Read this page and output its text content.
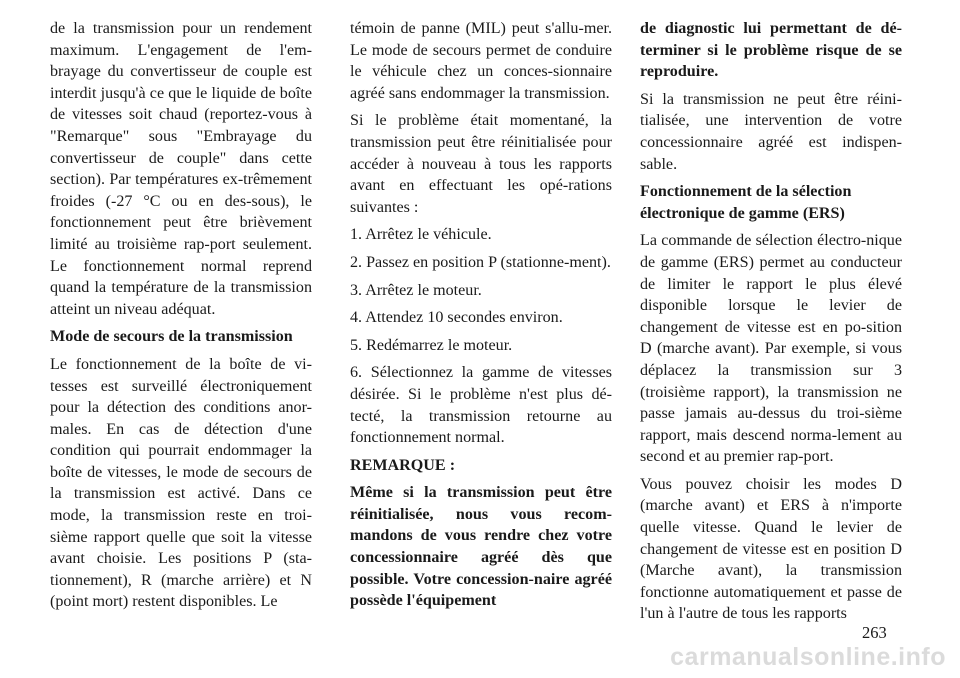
de la transmission pour un rendement maximum. L'engagement de l'em-brayage du convertisseur de couple est interdit jusqu'à ce que le liquide de boîte de vitesses soit chaud (reportez-vous à "Remarque" sous "Embrayage du convertisseur de couple" dans cette section). Par températures ex-trêmement froides (-27 °C ou en des-sous), le fonctionnement peut être brièvement limité au troisième rap-port seulement. Le fonctionnement normal reprend quand la température de la transmission atteint un niveau adéquat.

Mode de secours de la transmission

Le fonctionnement de la boîte de vi-tesses est surveillé électroniquement pour la détection des conditions anor-males. En cas de détection d'une condition qui pourrait endommager la boîte de vitesses, le mode de secours de la transmission est activé. Dans ce mode, la transmission reste en troi-sième rapport quelle que soit la vitesse avant choisie. Les positions P (sta-tionnement), R (marche arrière) et N (point mort) restent disponibles. Le

témoin de panne (MIL) peut s'allu-mer. Le mode de secours permet de conduire le véhicule chez un conces-sionnaire agréé sans endommager la transmission.

Si le problème était momentané, la transmission peut être réinitialisée pour accéder à nouveau à tous les rapports avant en effectuant les opé-rations suivantes :

1. Arrêtez le véhicule.

2. Passez en position P (stationne-ment).

3. Arrêtez le moteur.

4. Attendez 10 secondes environ.

5. Redémarrez le moteur.

6. Sélectionnez la gamme de vitesses désirée. Si le problème n'est plus dé-tecté, la transmission retourne au fonctionnement normal.

REMARQUE :

Même si la transmission peut être réinitialisée, nous vous recom-mandons de vous rendre chez votre concessionnaire agréé dès que possible. Votre concession-naire agréé possède l'équipement

de diagnostic lui permettant de dé-terminer si le problème risque de se reproduire.

Si la transmission ne peut être réini-tialisée, une intervention de votre concessionnaire agréé est indispen-sable.

Fonctionnement de la sélection électronique de gamme (ERS)

La commande de sélection électro-nique de gamme (ERS) permet au conducteur de limiter le rapport le plus élevé disponible lorsque le levier de changement de vitesse est en po-sition D (marche avant). Par exemple, si vous déplacez la transmission sur 3 (troisième rapport), la transmission ne passe jamais au-dessus du troi-sième rapport, mais descend norma-lement au second et au premier rap-port.

Vous pouvez choisir les modes D (marche avant) et ERS à n'importe quelle vitesse. Quand le levier de changement de vitesse est en position D (Marche avant), la transmission fonctionne automatiquement et passe de l'un à l'autre de tous les rapports

263
carmanualsonline.info
